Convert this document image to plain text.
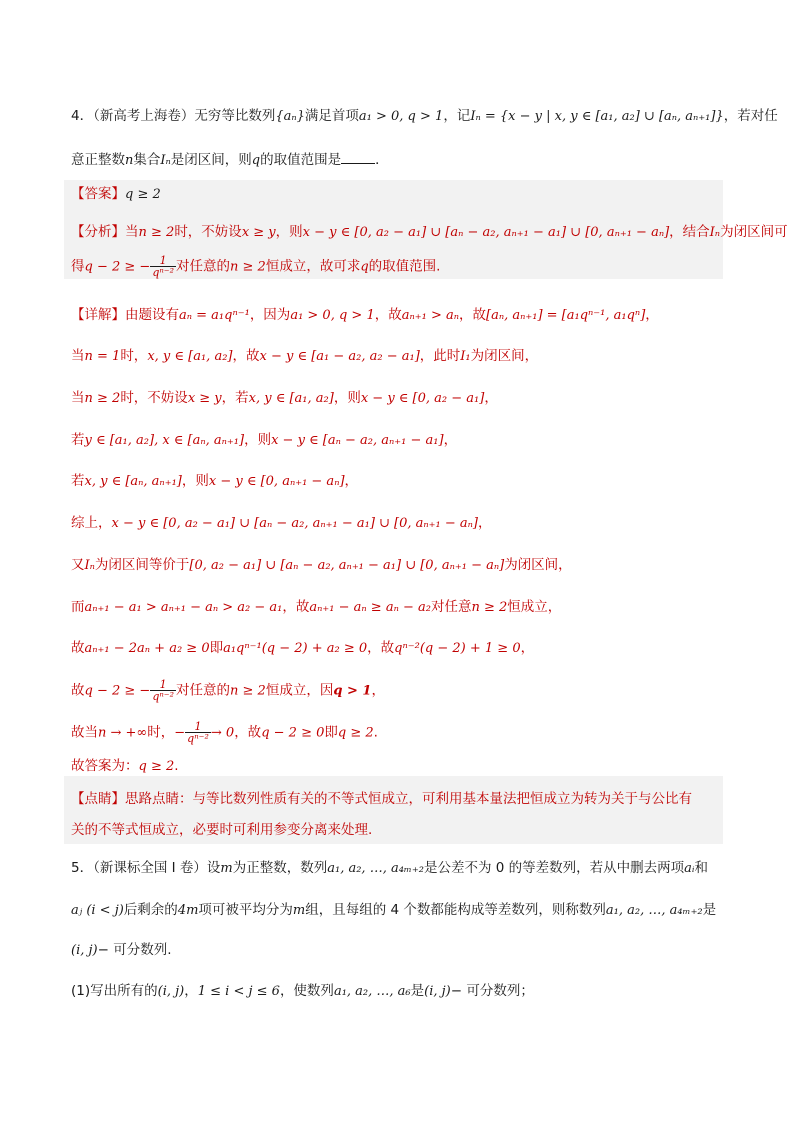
4．（新高考上海卷）无穷等比数列{aₙ}满足首项a₁ > 0, q > 1，记Iₙ = {x − y | x, y ∈ [a₁, a₂] ∪ [aₙ, aₙ₊₁]}，若对任
意正整数n集合Iₙ是闭区间，则q的取值范围是	．
【答案】q ≥ 2
【分析】当n ≥ 2时，不妨设x ≥ y，则x − y ∈ [0, a₂ − a₁] ∪ [aₙ − a₂, aₙ₊₁ − a₁] ∪ [0, aₙ₊₁ − aₙ]，结合Iₙ为闭区间可
得q − 2 ≥ − $\frac{1}{\text{qⁿ⁻²}}$ 对任意的n ≥ 2恒成立，故可求q的取值范围.
【详解】由题设有aₙ = a₁qⁿ⁻¹，因为a₁ > 0, q > 1，故aₙ₊₁ > aₙ，故[aₙ, aₙ₊₁] = [a₁qⁿ⁻¹, a₁qⁿ]，
当n = 1时，x, y ∈ [a₁, a₂]，故x − y ∈ [a₁ − a₂, a₂ − a₁]，此时I₁为闭区间，
当n ≥ 2时，不妨设x ≥ y，若x, y ∈ [a₁, a₂]，则x − y ∈ [0, a₂ − a₁]，
若y ∈ [a₁, a₂], x ∈ [aₙ, aₙ₊₁]，则x − y ∈ [aₙ − a₂, aₙ₊₁ − a₁]，
若x, y ∈ [aₙ, aₙ₊₁]，则x − y ∈ [0, aₙ₊₁ − aₙ]，
综上，x − y ∈ [0, a₂ − a₁] ∪ [aₙ − a₂, aₙ₊₁ − a₁] ∪ [0, aₙ₊₁ − aₙ]，
又Iₙ为闭区间等价于[0, a₂ − a₁] ∪ [aₙ − a₂, aₙ₊₁ − a₁] ∪ [0, aₙ₊₁ − aₙ]为闭区间，
而aₙ₊₁ − a₁ > aₙ₊₁ − aₙ > a₂ − a₁，故aₙ₊₁ − aₙ ≥ aₙ − a₂对任意n ≥ 2恒成立，
故aₙ₊₁ − 2aₙ + a₂ ≥ 0即a₁qⁿ⁻¹(q − 2) + a₂ ≥ 0，故qⁿ⁻²(q − 2) + 1 ≥ 0，
故q − 2 ≥ − $\frac{1}{\text{qⁿ⁻²}}$ 对任意的n ≥ 2恒成立，因q > 1，
故当n → +∞时，− $\frac{1}{\text{qⁿ⁻²}} \to 0$，故q − 2 ≥ 0即q ≥ 2.
故答案为：q ≥ 2.
【点睛】思路点睛：与等比数列性质有关的不等式恒成立，可利用基本量法把恒成立为转为关于与公比有
关的不等式恒成立，必要时可利用参变分离来处理.
5．（新课标全国 I 卷）设m为正整数，数列a₁, a₂, …, a₄ₘ₊₂是公差不为 0 的等差数列，若从中删去两项aᵢ和
aⱼ (i < j)后剩余的4m项可被平均分为m组，且每组的 4 个数都能构成等差数列，则称数列a₁, a₂, …, a₄ₘ₊₂是
(i, j)− 可分数列.
(1)写出所有的(i, j)，1 ≤ i < j ≤ 6，使数列a₁, a₂, …, a₆是(i, j)− 可分数列；
